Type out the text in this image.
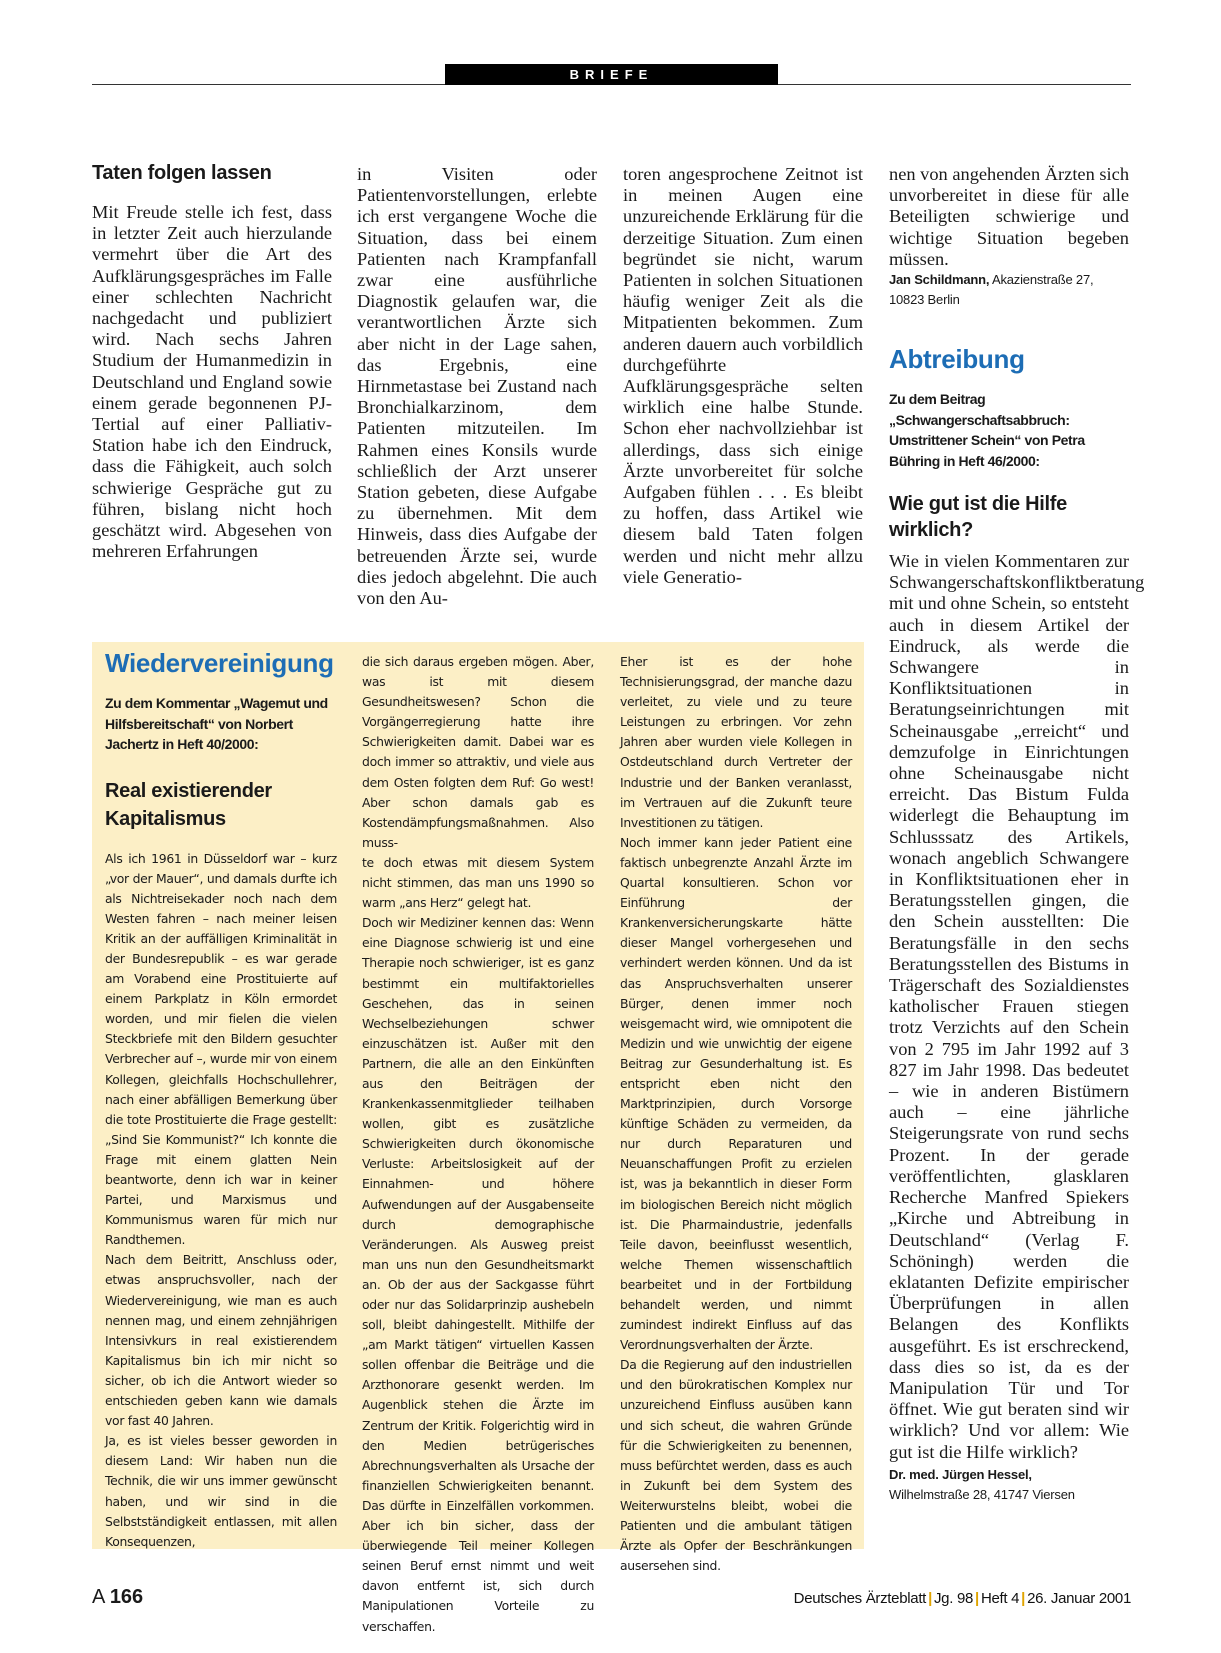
BRIEFE
Taten folgen lassen

Mit Freude stelle ich fest, dass in letzter Zeit auch hierzulande vermehrt über die Art des Aufklärungsgespräches im Falle einer schlechten Nachricht nachgedacht und publiziert wird. Nach sechs Jahren Studium der Humanmedizin in Deutschland und England sowie einem gerade begonnenen PJ-Tertial auf einer Palliativ-Station habe ich den Eindruck, dass die Fähigkeit, auch solch schwierige Gespräche gut zu führen, bislang nicht hoch geschätzt wird. Abgesehen von mehreren Erfahrungen

in Visiten oder Patientenvorstellungen, erlebte ich erst vergangene Woche die Situation, dass bei einem Patienten nach Krampfanfall zwar eine ausführliche Diagnostik gelaufen war, die verantwortlichen Ärzte sich aber nicht in der Lage sahen, das Ergebnis, eine Hirnmetastase bei Zustand nach Bronchialkarzinom, dem Patienten mitzuteilen. Im Rahmen eines Konsils wurde schließlich der Arzt unserer Station gebeten, diese Aufgabe zu übernehmen. Mit dem Hinweis, dass dies Aufgabe der betreuenden Ärzte sei, wurde dies jedoch abgelehnt. Die auch von den Au-

toren angesprochene Zeitnot ist in meinen Augen eine unzureichende Erklärung für die derzeitige Situation. Zum einen begründet sie nicht, warum Patienten in solchen Situationen häufig weniger Zeit als die Mitpatienten bekommen. Zum anderen dauern auch vorbildlich durchgeführte Aufklärungsgespräche selten wirklich eine halbe Stunde. Schon eher nachvollziehbar ist allerdings, dass sich einige Ärzte unvorbereitet für solche Aufgaben fühlen . . . Es bleibt zu hoffen, dass Artikel wie diesem bald Taten folgen werden und nicht mehr allzu viele Generatio-

nen von angehenden Ärzten sich unvorbereitet in diese für alle Beteiligten schwierige und wichtige Situation begeben müssen.

Jan Schildmann, Akazienstraße 27,
10823 Berlin
Abtreibung

Zu dem Beitrag „Schwangerschaftsabbruch: Umstrittener Schein“ von Petra Bühring in Heft 46/2000:

Wie gut ist die Hilfe wirklich?

Wie in vielen Kommentaren zur Schwangerschaftskonfliktberatung mit und ohne Schein, so entsteht auch in diesem Artikel der Eindruck, als werde die Schwangere in Konfliktsituationen in Beratungseinrichtungen mit Scheinausgabe „erreicht“ und demzufolge in Einrichtungen ohne Scheinausgabe nicht erreicht. Das Bistum Fulda widerlegt die Behauptung im Schlusssatz des Artikels, wonach angeblich Schwangere in Konfliktsituationen eher in Beratungsstellen gingen, die den Schein ausstellten: Die Beratungsfälle in den sechs Beratungsstellen des Bistums in Trägerschaft des Sozialdienstes katholischer Frauen stiegen trotz Verzichts auf den Schein von 2 795 im Jahr 1992 auf 3 827 im Jahr 1998. Das bedeutet – wie in anderen Bistümern auch – eine jährliche Steigerungsrate von rund sechs Prozent. In der gerade veröffentlichten, glasklaren Recherche Manfred Spiekers „Kirche und Abtreibung in Deutschland“ (Verlag F. Schöningh) werden die eklatanten Defizite empirischer Überprüfungen in allen Belangen des Konflikts ausgeführt. Es ist erschreckend, dass dies so ist, da es der Manipulation Tür und Tor öffnet. Wie gut beraten sind wir wirklich? Und vor allem: Wie gut ist die Hilfe wirklich?

Dr. med. Jürgen Hessel,
Wilhelmstraße 28, 41747 Viersen
Wiedervereinigung

Zu dem Kommentar „Wagemut und Hilfsbereitschaft“ von Norbert Jachertz in Heft 40/2000:

Real existierender Kapitalismus

Als ich 1961 in Düsseldorf war – kurz „vor der Mauer“, und damals durfte ich als Nichtreisekader noch nach dem Westen fahren – nach meiner leisen Kritik an der auffälligen Kriminalität in der Bundesrepublik – es war gerade am Vorabend eine Prostituierte auf einem Parkplatz in Köln ermordet worden, und mir fielen die vielen Steckbriefe mit den Bildern gesuchter Verbrecher auf –, wurde mir von einem Kollegen, gleichfalls Hochschullehrer, nach einer abfälligen Bemerkung über die tote Prostituierte die Frage gestellt: „Sind Sie Kommunist?“ Ich konnte die Frage mit einem glatten Nein beantworte, denn ich war in keiner Partei, und Marxismus und Kommunismus waren für mich nur Randthemen.

Nach dem Beitritt, Anschluss oder, etwas anspruchsvoller, nach der Wiedervereinigung, wie man es auch nennen mag, und einem zehnjährigen Intensivkurs in real existierendem Kapitalismus bin ich mir nicht so sicher, ob ich die Antwort wieder so entschieden geben kann wie damals vor fast 40 Jahren.

Ja, es ist vieles besser geworden in diesem Land: Wir haben nun die Technik, die wir uns immer gewünscht haben, und wir sind in die Selbstständigkeit entlassen, mit allen Konsequenzen,

die sich daraus ergeben mögen. Aber, was ist mit diesem Gesundheitswesen? Schon die Vorgängerregierung hatte ihre Schwierigkeiten damit. Dabei war es doch immer so attraktiv, und viele aus dem Osten folgten dem Ruf: Go west! Aber schon damals gab es Kostendämpfungsmaßnahmen. Also muss-

te doch etwas mit diesem System nicht stimmen, das man uns 1990 so warm „ans Herz“ gelegt hat.

Doch wir Mediziner kennen das: Wenn eine Diagnose schwierig ist und eine Therapie noch schwieriger, ist es ganz bestimmt ein multifaktorielles Geschehen, das in seinen Wechselbeziehungen schwer einzuschätzen ist. Außer mit den Partnern, die alle an den Einkünften aus den Beiträgen der Krankenkassenmitglieder teilhaben wollen, gibt es zusätzliche Schwierigkeiten durch ökonomische Verluste: Arbeitslosigkeit auf der Einnahmen- und höhere Aufwendungen auf der Ausgabenseite durch demographische Veränderungen. Als Ausweg preist man uns nun den Gesundheitsmarkt an. Ob der aus der Sackgasse führt oder nur das Solidarprinzip aushebeln soll, bleibt dahingestellt. Mithilfe der „am Markt tätigen“ virtuellen Kassen sollen offenbar die Beiträge und die Arzthonorare gesenkt werden. Im Augenblick stehen die Ärzte im Zentrum der Kritik. Folgerichtig wird in den Medien betrügerisches Abrechnungsverhalten als Ursache der finanziellen Schwierigkeiten benannt. Das dürfte in Einzelfällen vorkommen. Aber ich bin sicher, dass der überwiegende Teil meiner Kollegen seinen Beruf ernst nimmt und weit davon entfernt ist, sich durch Manipulationen Vorteile zu verschaffen.

Eher ist es der hohe Technisierungsgrad, der manche dazu verleitet, zu viele und zu teure Leistungen zu erbringen. Vor zehn Jahren aber wurden viele Kollegen in Ostdeutschland durch Vertreter der Industrie und der Banken veranlasst, im Vertrauen auf die Zukunft teure Investitionen zu tätigen.

Noch immer kann jeder Patient eine faktisch unbegrenzte Anzahl Ärzte im Quartal konsultieren. Schon vor Einführung der Krankenversicherungskarte hätte dieser Mangel vorhergesehen und verhindert werden können. Und da ist das Anspruchsverhalten unserer Bürger, denen immer noch weisgemacht wird, wie omnipotent die Medizin und wie unwichtig der eigene Beitrag zur Gesunderhaltung ist. Es entspricht eben nicht den Marktprinzipien, durch Vorsorge künftige Schäden zu vermeiden, da nur durch Reparaturen und Neuanschaffungen Profit zu erzielen ist, was ja bekanntlich in dieser Form im biologischen Bereich nicht möglich ist. Die Pharmaindustrie, jedenfalls Teile davon, beeinflusst wesentlich, welche Themen wissenschaftlich bearbeitet und in der Fortbildung behandelt werden, und nimmt zumindest indirekt Einfluss auf das Verordnungsverhalten der Ärzte.

Da die Regierung auf den industriellen und den bürokratischen Komplex nur unzureichend Einfluss ausüben kann und sich scheut, die wahren Gründe für die Schwierigkeiten zu benennen, muss befürchtet werden, dass es auch in Zukunft bei dem System des Weiterwurstelns bleibt, wobei die Patienten und die ambulant tätigen Ärzte als Opfer der Beschränkungen ausersehen sind.

A 166	Deutsches Ärzteblatt | Jg. 98 | Heft 4 | 26. Januar 2001
